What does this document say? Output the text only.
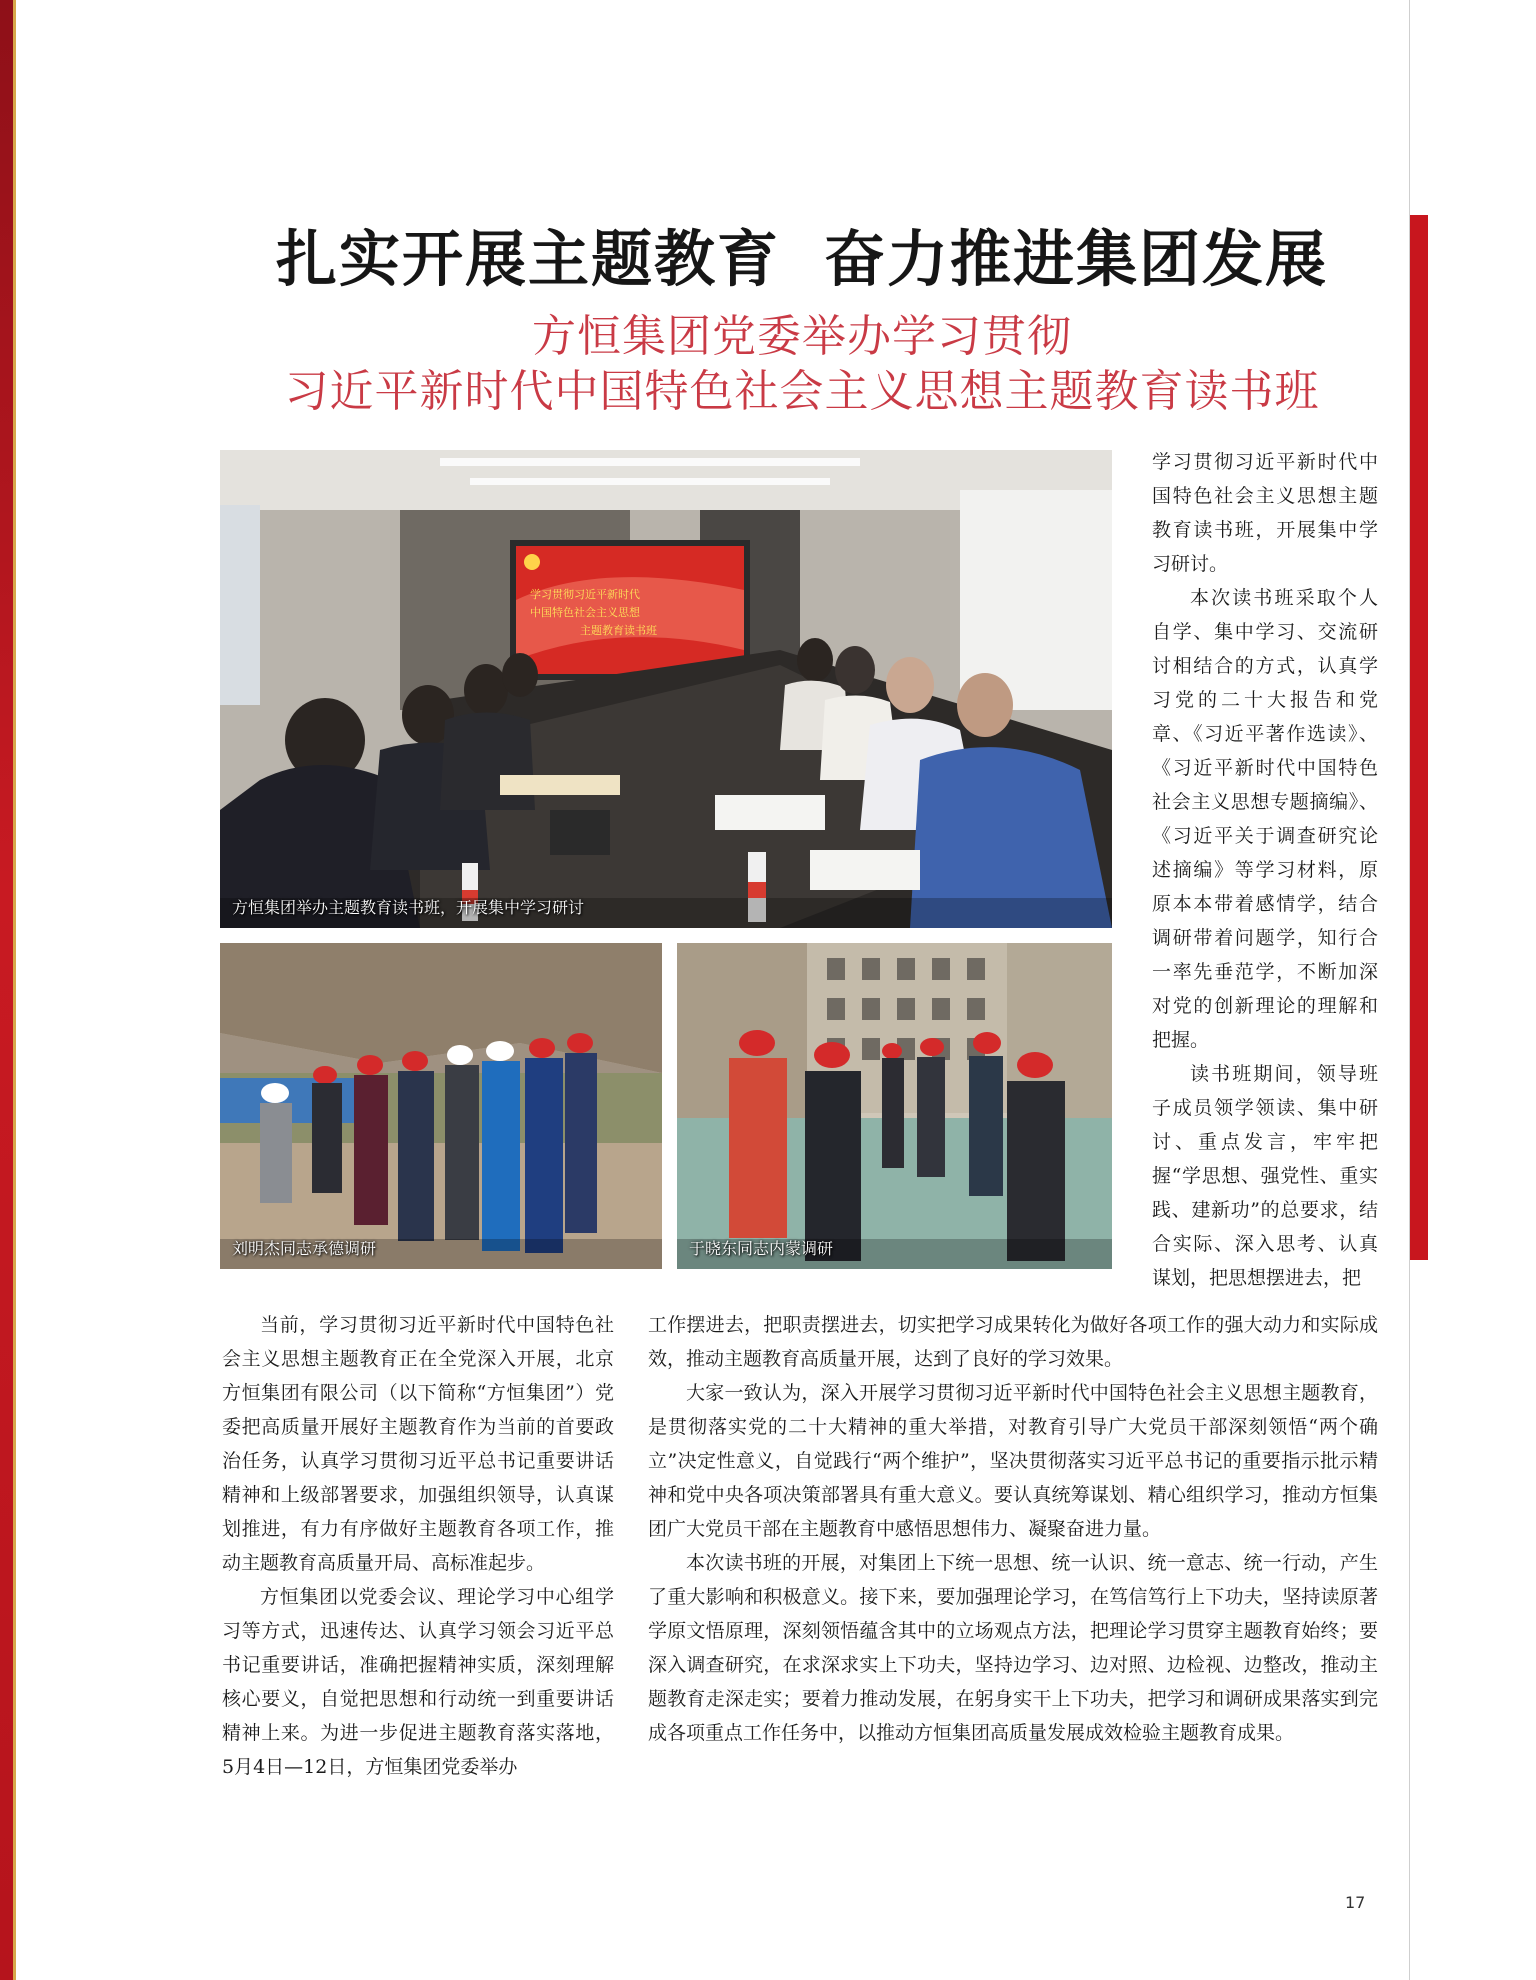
扎实开展主题教育 奋力推进集团发展
方恒集团党委举办学习贯彻
习近平新时代中国特色社会主义思想主题教育读书班
学习贯彻习近平新时代
中国特色社会主义思想
主题教育读书班
方恒集团举办主题教育读书班，开展集中学习研讨
刘明杰同志承德调研	于晓东同志内蒙调研

学习贯彻习近平新时代中国特色社会主义思想主题教育读书班，开展集中学习研讨。

本次读书班采取个人自学、集中学习、交流研讨相结合的方式，认真学习党的二十大报告和党章、《习近平著作选读》、《习近平新时代中国特色社会主义思想专题摘编》、《习近平关于调查研究论述摘编》等学习材料，原原本本带着感情学，结合调研带着问题学，知行合一率先垂范学，不断加深对党的创新理论的理解和把握。

读书班期间，领导班子成员领学领读、集中研讨、重点发言，牢牢把握“学思想、强党性、重实践、建新功”的总要求，结合实际、深入思考、认真谋划，把思想摆进去，把

当前，学习贯彻习近平新时代中国特色社会主义思想主题教育正在全党深入开展，北京方恒集团有限公司（以下简称“方恒集团”）党委把高质量开展好主题教育作为当前的首要政治任务，认真学习贯彻习近平总书记重要讲话精神和上级部署要求，加强组织领导，认真谋划推进，有力有序做好主题教育各项工作，推动主题教育高质量开局、高标准起步。

方恒集团以党委会议、理论学习中心组学习等方式，迅速传达、认真学习领会习近平总书记重要讲话，准确把握精神实质，深刻理解核心要义，自觉把思想和行动统一到重要讲话精神上来。为进一步促进主题教育落实落地，5月4日—12日，方恒集团党委举办

工作摆进去，把职责摆进去，切实把学习成果转化为做好各项工作的强大动力和实际成效，推动主题教育高质量开展，达到了良好的学习效果。

大家一致认为，深入开展学习贯彻习近平新时代中国特色社会主义思想主题教育，是贯彻落实党的二十大精神的重大举措，对教育引导广大党员干部深刻领悟“两个确立”决定性意义，自觉践行“两个维护”，坚决贯彻落实习近平总书记的重要指示批示精神和党中央各项决策部署具有重大意义。要认真统筹谋划、精心组织学习，推动方恒集团广大党员干部在主题教育中感悟思想伟力、凝聚奋进力量。

本次读书班的开展，对集团上下统一思想、统一认识、统一意志、统一行动，产生了重大影响和积极意义。接下来，要加强理论学习，在笃信笃行上下功夫，坚持读原著学原文悟原理，深刻领悟蕴含其中的立场观点方法，把理论学习贯穿主题教育始终；要深入调查研究，在求深求实上下功夫，坚持边学习、边对照、边检视、边整改，推动主题教育走深走实；要着力推动发展，在躬身实干上下功夫，把学习和调研成果落实到完成各项重点工作任务中，以推动方恒集团高质量发展成效检验主题教育成果。

17
